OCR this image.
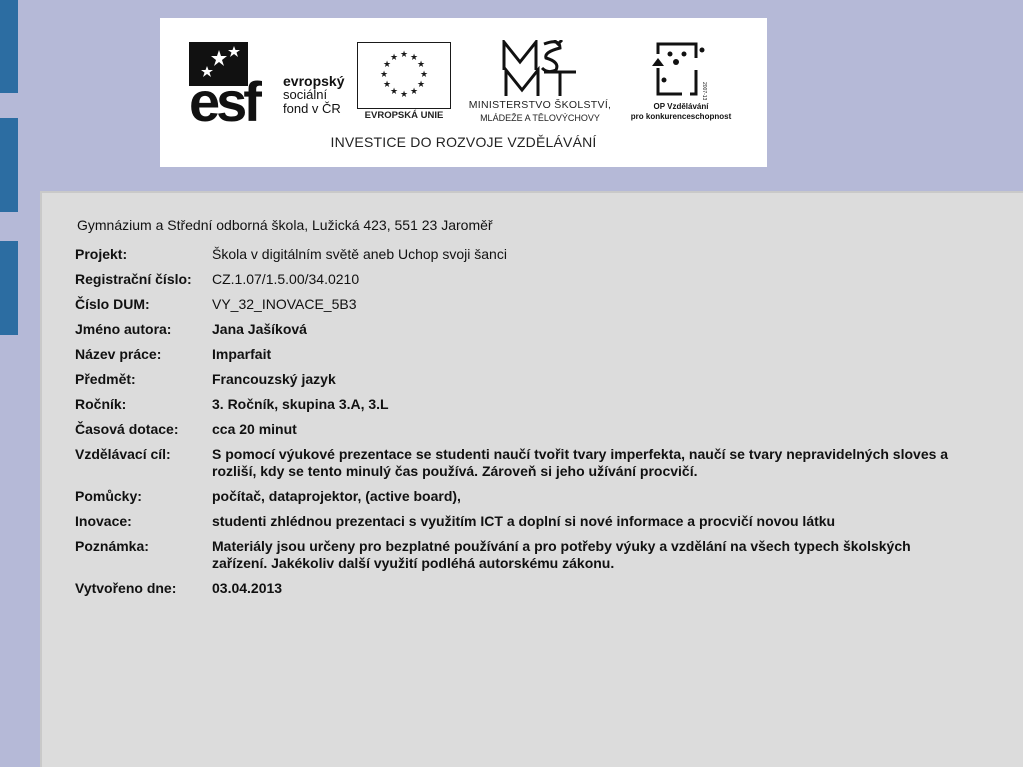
esf	evropský
sociální
fond v ČR
★ ★
★
★
★
★
★
★
★
★
★
★
EVROPSKÁ UNIE
MINISTERSTVO ŠKOLSTVÍ,
MLÁDEŽE A TĚLOVÝCHOVY
2007-13
OP Vzdělávání
pro konkurenceschopnost
INVESTICE DO ROZVOJE VZDĚLÁVÁNÍ
Gymnázium a Střední odborná škola, Lužická 423, 551 23 Jaroměř
Projekt:	Škola v digitálním světě aneb Uchop svoji šanci
Registrační číslo:	CZ.1.07/1.5.00/34.0210
Číslo DUM:	VY_32_INOVACE_5B3
Jméno autora:	Jana Jašíková
Název práce:	Imparfait
Předmět:	Francouzský jazyk
Ročník:	3. Ročník, skupina 3.A, 3.L
Časová dotace:	cca 20 minut
Vzdělávací cíl:	S pomocí výukové prezentace se studenti naučí tvořit tvary imperfekta, naučí se tvary nepravidelných sloves a rozliší, kdy se tento minulý čas používá. Zároveň si jeho užívání procvičí.
Pomůcky:	počítač, dataprojektor, (active board),
Inovace:	studenti zhlédnou prezentaci s využitím ICT a doplní si nové informace a procvičí novou látku
Poznámka:	Materiály jsou určeny pro bezplatné používání a pro potřeby výuky a vzdělání na všech typech školských zařízení. Jakékoliv další využití podléhá autorskému zákonu.
Vytvořeno dne:	03.04.2013
